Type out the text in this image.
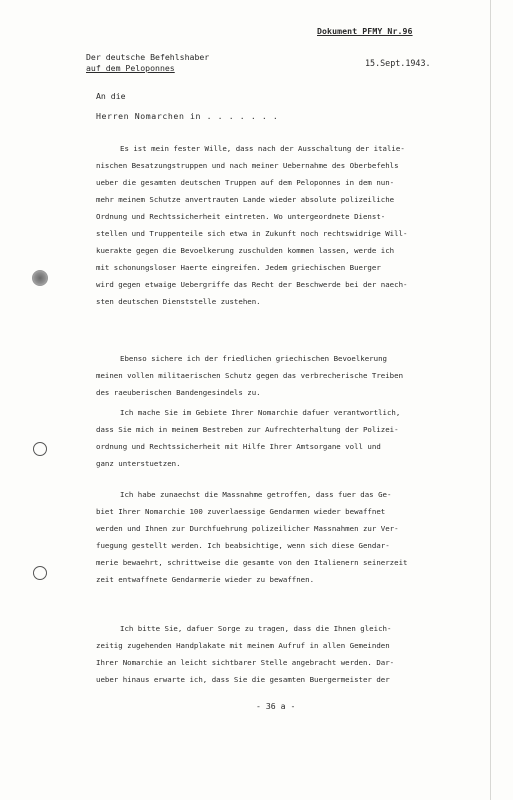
Dokument PFMY Nr.96
Der deutsche Befehlshaber
auf dem Peloponnes	15.Sept.1943.
An die
Herren Nomarchen in . . . . . . .
Es ist mein fester Wille, dass nach der Ausschaltung der italie-
nischen Besatzungstruppen und nach meiner Uebernahme des Oberbefehls
ueber die gesamten deutschen Truppen auf dem Peloponnes in dem nun-
mehr meinem Schutze anvertrauten Lande wieder absolute polizeiliche
Ordnung und Rechtssicherheit eintreten. Wo untergeordnete Dienst-
stellen und Truppenteile sich etwa in Zukunft noch rechtswidrige Will-
kuerakte gegen die Bevoelkerung zuschulden kommen lassen, werde ich
mit schonungsloser Haerte eingreifen. Jedem griechischen Buerger
wird gegen etwaige Uebergriffe das Recht der Beschwerde bei der naech-
sten deutschen Dienststelle zustehen.
Ebenso sichere ich der friedlichen griechischen Bevoelkerung
meinen vollen militaerischen Schutz gegen das verbrecherische Treiben
des raeuberischen Bandengesindels zu.
Ich mache Sie im Gebiete Ihrer Nomarchie dafuer verantwortlich,
dass Sie mich in meinem Bestreben zur Aufrechterhaltung der Polizei-
ordnung und Rechtssicherheit mit Hilfe Ihrer Amtsorgane voll und
ganz unterstuetzen.
Ich habe zunaechst die Massnahme getroffen, dass fuer das Ge-
biet Ihrer Nomarchie 100 zuverlaessige Gendarmen wieder bewaffnet
werden und Ihnen zur Durchfuehrung polizeilicher Massnahmen zur Ver-
fuegung gestellt werden. Ich beabsichtige, wenn sich diese Gendar-
merie bewaehrt, schrittweise die gesamte von den Italienern seinerzeit
zeit entwaffnete Gendarmerie wieder zu bewaffnen.
Ich bitte Sie, dafuer Sorge zu tragen, dass die Ihnen gleich-
zeitig zugehenden Handplakate mit meinem Aufruf in allen Gemeinden
Ihrer Nomarchie an leicht sichtbarer Stelle angebracht werden. Dar-
ueber hinaus erwarte ich, dass Sie die gesamten Buergermeister der
- 36 a -
